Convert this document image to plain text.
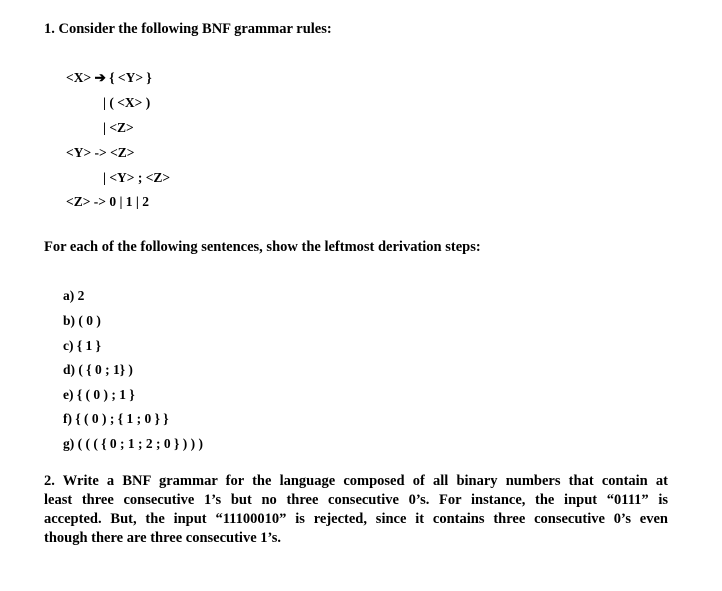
1. Consider the following BNF grammar rules:
<X> ➔ { <Y> }
| ( <X> )
| <Z>
<Y> -> <Z>
| <Y> ; <Z>
<Z> -> 0 | 1 | 2
For each of the following sentences, show the leftmost derivation steps:
a) 2
b) ( 0 )
c) { 1 }
d) ( { 0 ; 1} )
e) { ( 0 ) ; 1 }
f) { ( 0 ) ; { 1 ; 0 } }
g) ( ( ( { 0 ; 1 ; 2 ; 0 } ) ) )
2. Write a BNF grammar for the language composed of all binary numbers that contain at
least three consecutive 1’s but no three consecutive 0’s. For instance, the input “0111” is
accepted. But, the input “11100010” is rejected, since it contains three consecutive 0’s even
though there are three consecutive 1’s.
